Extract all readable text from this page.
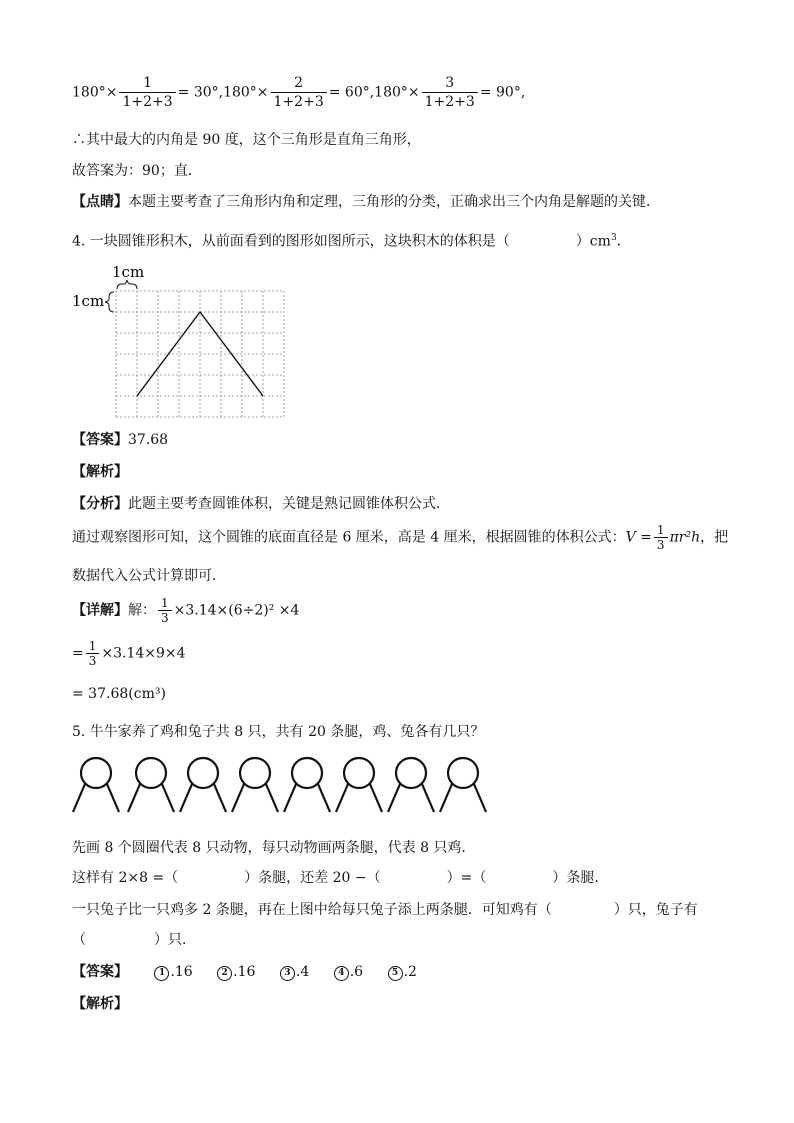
$180^\circ\times \frac{1}{1+2+3} = 30^\circ,180^\circ\times \frac{2}{1+2+3} = 60^\circ,180^\circ\times \frac{3}{1+2+3} = 90^\circ$,
∴其中最大的内角是 90 度，这个三角形是直角三角形，
故答案为：90；直．
【点睛】本题主要考查了三角形内角和定理，三角形的分类，正确求出三个内角是解题的关键．
4. 一块圆锥形积木，从前面看到的图形如图所示，这块积木的体积是（	）$cm^3$．
1cm
1cm
【答案】37.68
【解析】
【分析】此题主要考查圆锥体积，关键是熟记圆锥体积公式．
通过观察图形可知，这个圆锥的底面直径是 6 厘米，高是 4 厘米，根据圆锥的体积公式：$V = \frac{1}{3} \pi r^2h$，把
数据代入公式计算即可．
【详解】解： $\frac{1}{3} \times 3.14\times(6\div 2)^2 \times 4$
= $\frac{1}{3} \times 3.14\times 9\times 4$
= 37.68(cm³)
5. 牛牛家养了鸡和兔子共 8 只，共有 20 条腿，鸡、兔各有几只？
先画 8 个圆圈代表 8 只动物，每只动物画两条腿，代表 8 只鸡．
这样有 2×8 =（	）条腿，还差 20 −（	）=（	）条腿．
一只兔子比一只鸡多 2 条腿，再在上图中给每只兔子添上两条腿．可知鸡有（	）只，兔子有
（	）只．
【答案】	1 .16	2 .16	3 .4	4 .6	5 .2
【解析】
